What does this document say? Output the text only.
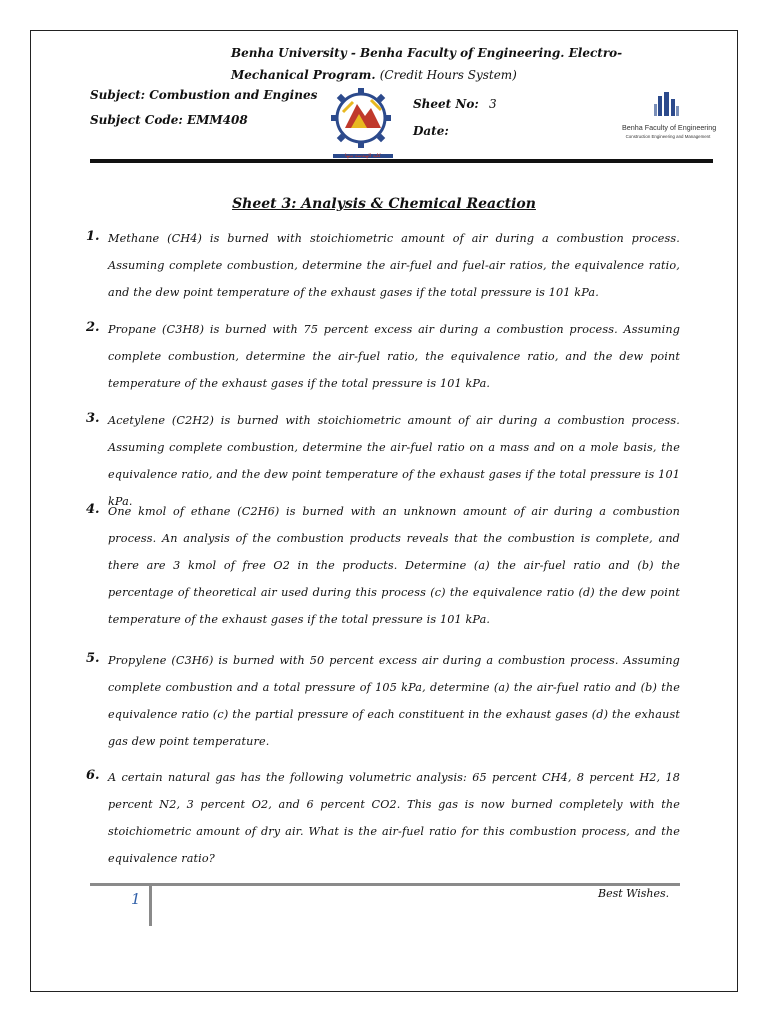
Benha University - Benha Faculty of Engineering. Electro-
Mechanical Program. (Credit Hours System)
Subject: Combustion and Engines
Subject Code: EMM408
Sheet No: 3
Date:
كلية الهندسة ببنها
Benha Faculty of Engineering
Construction Engineering and Management
Sheet 3: Analysis & Chemical Reaction
1. Methane (CH4) is burned with stoichiometric amount of air during a combustion process. Assuming complete combustion, determine the air-fuel and fuel-air ratios, the equivalence ratio, and the dew point temperature of the exhaust gases if the total pressure is 101 kPa.
2. Propane (C3H8) is burned with 75 percent excess air during a combustion process. Assuming complete combustion, determine the air-fuel ratio, the equivalence ratio, and the dew point temperature of the exhaust gases if the total pressure is 101 kPa.
3. Acetylene (C2H2) is burned with stoichiometric amount of air during a combustion process. Assuming complete combustion, determine the air-fuel ratio on a mass and on a mole basis, the equivalence ratio, and the dew point temperature of the exhaust gases if the total pressure is 101 kPa.
4. One kmol of ethane (C2H6) is burned with an unknown amount of air during a combustion process. An analysis of the combustion products reveals that the combustion is complete, and there are 3 kmol of free O2 in the products. Determine (a) the air-fuel ratio and (b) the percentage of theoretical air used during this process (c) the equivalence ratio (d) the dew point temperature of the exhaust gases if the total pressure is 101 kPa.
5. Propylene (C3H6) is burned with 50 percent excess air during a combustion process. Assuming complete combustion and a total pressure of 105 kPa, determine (a) the air-fuel ratio and (b) the equivalence ratio (c) the partial pressure of each constituent in the exhaust gases (d) the exhaust gas dew point temperature.
6. A certain natural gas has the following volumetric analysis: 65 percent CH4, 8 percent H2, 18 percent N2, 3 percent O2, and 6 percent CO2. This gas is now burned completely with the stoichiometric amount of dry air. What is the air-fuel ratio for this combustion process, and the equivalence ratio?
1	Best Wishes.
